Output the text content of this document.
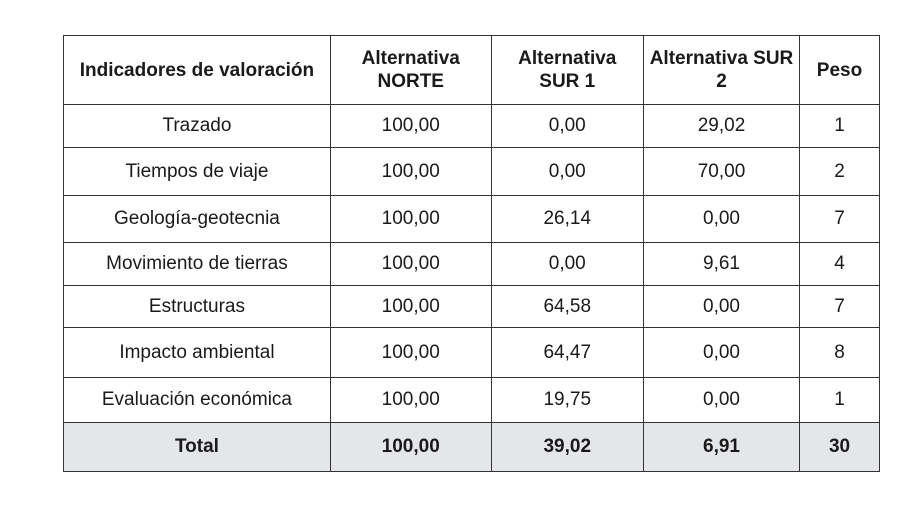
Indicadores de valoración	Alternativa NORTE	Alternativa SUR 1	Alternativa SUR 2	Peso
Trazado	100,00	0,00	29,02	1
Tiempos de viaje	100,00	0,00	70,00	2
Geología-geotecnia	100,00	26,14	0,00	7
Movimiento de tierras	100,00	0,00	9,61	4
Estructuras	100,00	64,58	0,00	7
Impacto ambiental	100,00	64,47	0,00	8
Evaluación económica	100,00	19,75	0,00	1
Total	100,00	39,02	6,91	30
